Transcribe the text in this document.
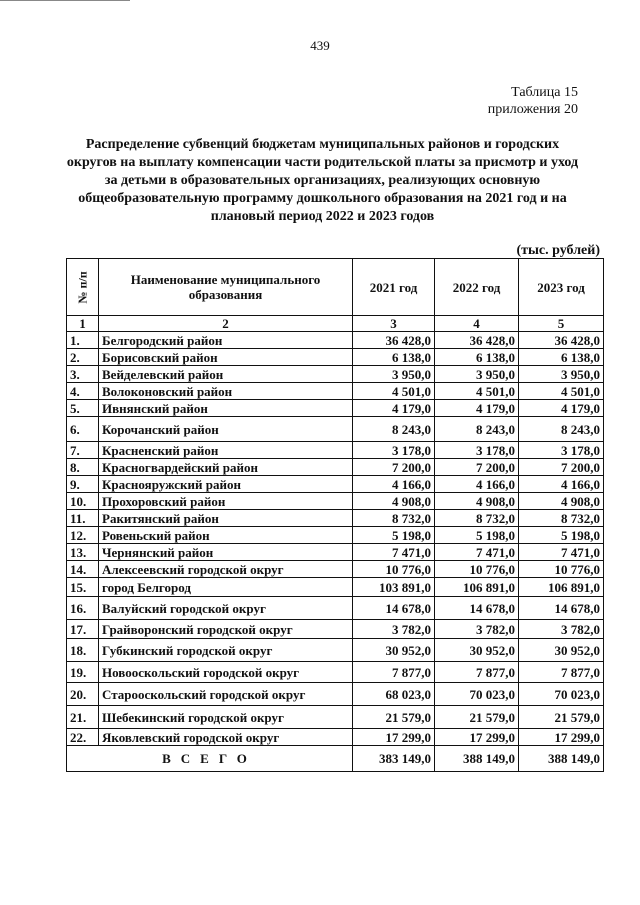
439
Таблица 15
приложения 20
Распределение субвенций бюджетам муниципальных районов и городских округов на выплату компенсации части родительской платы за присмотр и уход за детьми в образовательных организациях, реализующих основную общеобразовательную программу дошкольного образования на 2021 год и на плановый период 2022 и 2023 годов
(тыс. рублей)
№ п/п	Наименование муниципального образования	2021 год	2022 год	2023 год
1	2	3	4	5
1.	Белгородский район	36 428,0	36 428,0	36 428,0
2.	Борисовский район	6 138,0	6 138,0	6 138,0
3.	Вейделевский район	3 950,0	3 950,0	3 950,0
4.	Волоконовский район	4 501,0	4 501,0	4 501,0
5.	Ивнянский район	4 179,0	4 179,0	4 179,0
6.	Корочанский район	8 243,0	8 243,0	8 243,0
7.	Красненский район	3 178,0	3 178,0	3 178,0
8.	Красногвардейский район	7 200,0	7 200,0	7 200,0
9.	Краснояружский район	4 166,0	4 166,0	4 166,0
10.	Прохоровский район	4 908,0	4 908,0	4 908,0
11.	Ракитянский район	8 732,0	8 732,0	8 732,0
12.	Ровеньский район	5 198,0	5 198,0	5 198,0
13.	Чернянский район	7 471,0	7 471,0	7 471,0
14.	Алексеевский городской округ	10 776,0	10 776,0	10 776,0
15.	город Белгород	103 891,0	106 891,0	106 891,0
16.	Валуйский городской округ	14 678,0	14 678,0	14 678,0
17.	Грайворонский городской округ	3 782,0	3 782,0	3 782,0
18.	Губкинский городской округ	30 952,0	30 952,0	30 952,0
19.	Новооскольский городской округ	7 877,0	7 877,0	7 877,0
20.	Старооскольский городской округ	68 023,0	70 023,0	70 023,0
21.	Шебекинский городской округ	21 579,0	21 579,0	21 579,0
22.	Яковлевский городской округ	17 299,0	17 299,0	17 299,0
ВСЕГО		383 149,0	388 149,0	388 149,0
